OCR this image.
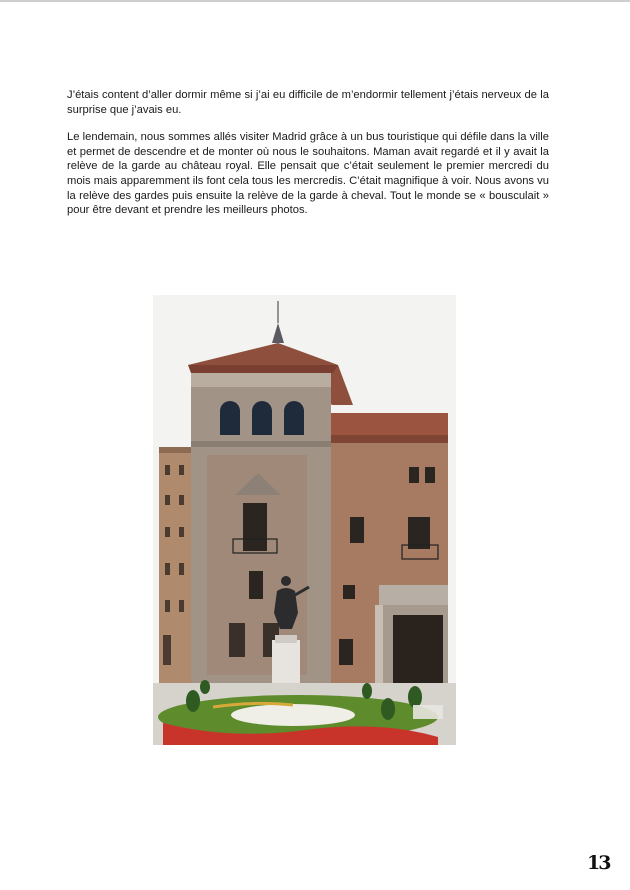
J’étais content d’aller dormir même si j’ai eu difficile de m’endormir tellement j’étais nerveux de la surprise que j’avais eu.

Le lendemain, nous sommes allés visiter Madrid grâce à un bus touristique qui défile dans la ville et permet de descendre et de monter où nous le souhaitons. Maman avait regardé et il y avait la relève de la garde au château royal. Elle pensait que c’était seulement le premier mercredi du mois mais apparemment ils font cela tous les mercredis. C’était magnifique à voir. Nous avons vu la relève des gardes puis ensuite la relève de la garde à cheval. Tout le monde se « bousculait » pour être devant et prendre les meilleurs photos.

13
